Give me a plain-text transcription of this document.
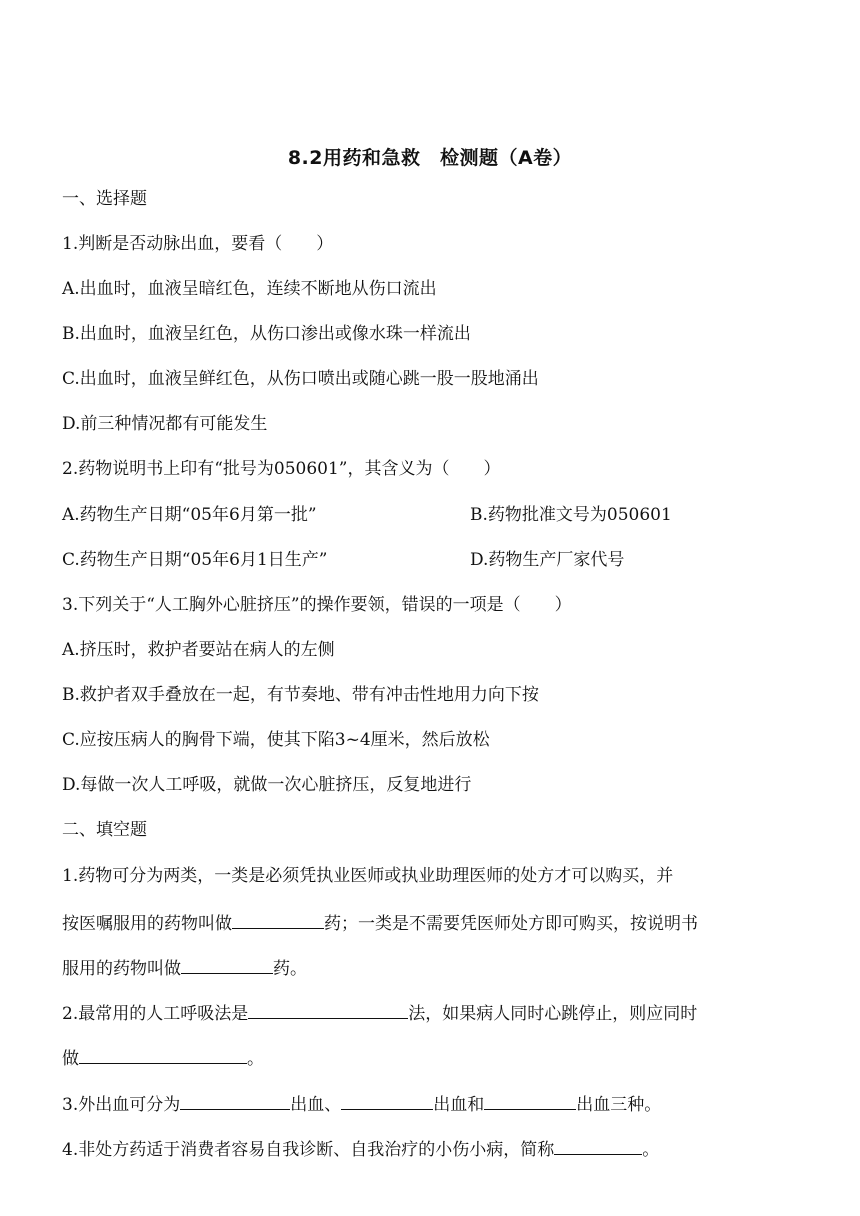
8.2用药和急救　检测题（A卷）
一、选择题
1.判断是否动脉出血，要看（　　）
A.出血时，血液呈暗红色，连续不断地从伤口流出
B.出血时，血液呈红色，从伤口渗出或像水珠一样流出
C.出血时，血液呈鲜红色，从伤口喷出或随心跳一股一股地涌出
D.前三种情况都有可能发生
2.药物说明书上印有“批号为050601”，其含义为（　　）
A.药物生产日期“05年6月第一批”	B.药物批准文号为050601
C.药物生产日期“05年6月1日生产”	D.药物生产厂家代号
3.下列关于“人工胸外心脏挤压”的操作要领，错误的一项是（　　）
A.挤压时，救护者要站在病人的左侧
B.救护者双手叠放在一起，有节奏地、带有冲击性地用力向下按
C.应按压病人的胸骨下端，使其下陷3~4厘米，然后放松
D.每做一次人工呼吸，就做一次心脏挤压，反复地进行
二、填空题
1.药物可分为两类，一类是必须凭执业医师或执业助理医师的处方才可以购买，并
按医嘱服用的药物叫做	药；一类是不需要凭医师处方即可购买，按说明书
服用的药物叫做	药。
2.最常用的人工呼吸法是	法，如果病人同时心跳停止，则应同时
做	。
3.外出血可分为	出血、	出血和	出血三种。
4.非处方药适于消费者容易自我诊断、自我治疗的小伤小病，简称	。
